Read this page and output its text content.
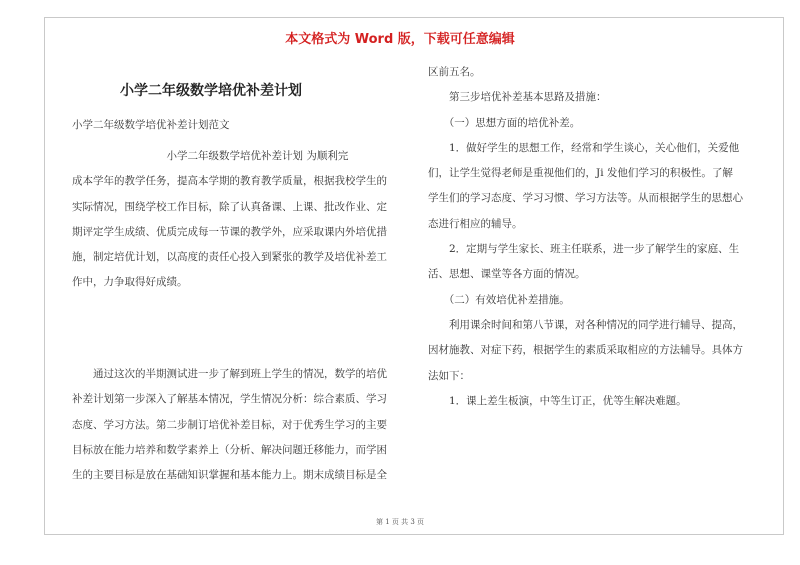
本文格式为 Word 版，下载可任意编辑
小学二年级数学培优补差计划
小学二年级数学培优补差计划范文

　　　　　　　　　小学二年级数学培优补差计划 为顺利完

成本学年的教学任务，提高本学期的教育教学质量，根据我校学生的

实际情况，围绕学校工作目标，除了认真备课、上课、批改作业、定

期评定学生成绩、优质完成每一节课的教学外，应采取课内外培优措

施，制定培优计划，以高度的责任心投入到紧张的教学及培优补差工

作中，力争取得好成绩。

　　通过这次的半期测试进一步了解到班上学生的情况，数学的培优

补差计划第一步深入了解基本情况，学生情况分析：综合素质、学习

态度、学习方法。第二步制订培优补差目标，对于优秀生学习的主要

目标放在能力培养和数学素养上（分析、解决问题迁移能力，而学困

生的主要目标是放在基础知识掌握和基本能力上。期末成绩目标是全

区前五名。

　　第三步培优补差基本思路及措施：

　　（一）思想方面的培优补差。

　　1．做好学生的思想工作，经常和学生谈心，关心他们，关爱他

们，让学生觉得老师是重视他们的，Ji 发他们学习的积极性。了解

学生们的学习态度、学习习惯、学习方法等。从而根据学生的思想心

态进行相应的辅导。

　　2．定期与学生家长、班主任联系，进一步了解学生的家庭、生

活、思想、课堂等各方面的情况。

　　（二）有效培优补差措施。

　　利用课余时间和第八节课，对各种情况的同学进行辅导、提高，

因材施教、对症下药，根据学生的素质采取相应的方法辅导。具体方

法如下：

　　1．课上差生板演，中等生订正，优等生解决难题。

第 1 页 共 3 页
